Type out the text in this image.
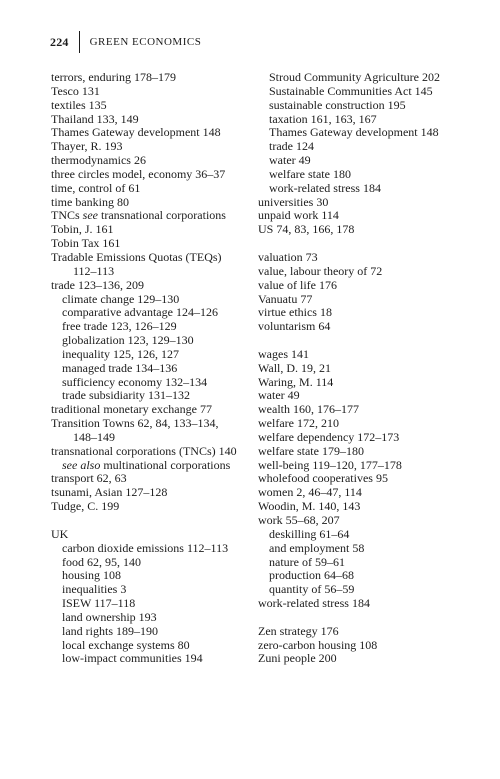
224 GREEN ECONOMICS
terrors, enduring 178–179
Tesco 131
textiles 135
Thailand 133, 149
Thames Gateway development 148
Thayer, R. 193
thermodynamics 26
three circles model, economy 36–37
time, control of 61
time banking 80
TNCs see transnational corporations
Tobin, J. 161
Tobin Tax 161
Tradable Emissions Quotas (TEQs)
112–113
trade 123–136, 209
climate change 129–130
comparative advantage 124–126
free trade 123, 126–129
globalization 123, 129–130
inequality 125, 126, 127
managed trade 134–136
sufficiency economy 132–134
trade subsidiarity 131–132
traditional monetary exchange 77
Transition Towns 62, 84, 133–134,
148–149
transnational corporations (TNCs) 140
see also multinational corporations
transport 62, 63
tsunami, Asian 127–128
Tudge, C. 199
UK
carbon dioxide emissions 112–113
food 62, 95, 140
housing 108
inequalities 3
ISEW 117–118
land ownership 193
land rights 189–190
local exchange systems 80
low-impact communities 194
Stroud Community Agriculture 202
Sustainable Communities Act 145
sustainable construction 195
taxation 161, 163, 167
Thames Gateway development 148
trade 124
water 49
welfare state 180
work-related stress 184
universities 30
unpaid work 114
US 74, 83, 166, 178
valuation 73
value, labour theory of 72
value of life 176
Vanuatu 77
virtue ethics 18
voluntarism 64
wages 141
Wall, D. 19, 21
Waring, M. 114
water 49
wealth 160, 176–177
welfare 172, 210
welfare dependency 172–173
welfare state 179–180
well-being 119–120, 177–178
wholefood cooperatives 95
women 2, 46–47, 114
Woodin, M. 140, 143
work 55–68, 207
deskilling 61–64
and employment 58
nature of 59–61
production 64–68
quantity of 56–59
work-related stress 184
Zen strategy 176
zero-carbon housing 108
Zuni people 200
